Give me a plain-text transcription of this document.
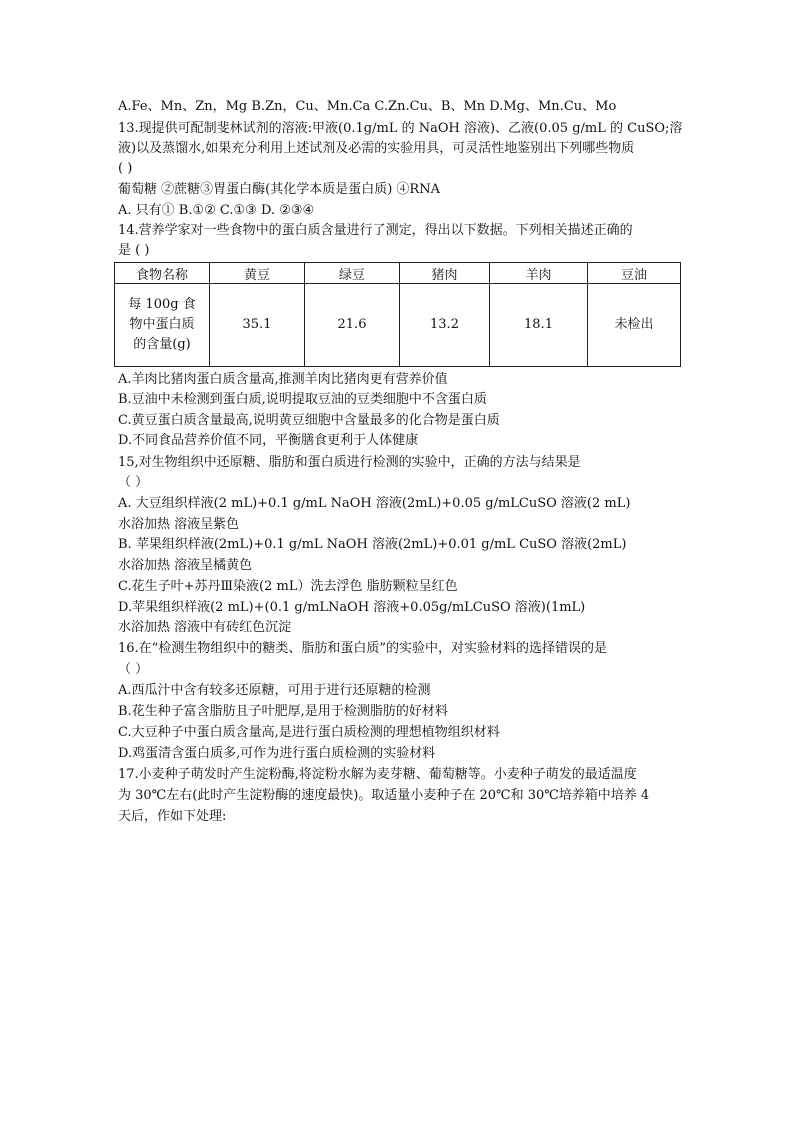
A.Fe、Mn、Zn，Mg B.Zn，Cu、Mn.Ca C.Zn.Cu、B、Mn D.Mg、Mn.Cu、Mo
13.现提供可配制斐林试剂的溶液:甲液(0.1g/mL 的 NaOH 溶液)、乙液(0.05 g/mL 的 CuSO;溶
液)以及蒸馏水,如果充分利用上述试剂及必需的实验用具，可灵活性地鉴别出下列哪些物质
( )
葡萄糖 ②蔗糖③胃蛋白酶(其化学本质是蛋白质) ④RNA
A. 只有① B.①② C.①③ D. ②③④
14.营养学家对一些食物中的蛋白质含量进行了测定，得出以下数据。下列相关描述正确的
是 ( )
食物名称	黄豆	绿豆	猪肉	羊肉	豆油

每 100g 食
物中蛋白质
的含量(g)	35.1	21.6	13.2	18.1	未检出
A.羊肉比猪肉蛋白质含量高,推测羊肉比猪肉更有营养价值
B.豆油中未检测到蛋白质,说明提取豆油的豆类细胞中不含蛋白质
C.黄豆蛋白质含量最高,说明黄豆细胞中含量最多的化合物是蛋白质
D.不同食品营养价值不同，平衡膳食更利于人体健康
15,对生物组织中还原糖、脂肪和蛋白质进行检测的实验中，正确的方法与结果是
（ ）
A. 大豆组织样液(2 mL)+0.1 g/mL NaOH 溶液(2mL)+0.05 g/mLCuSO 溶液(2 mL)
水浴加热 溶液呈紫色
B. 苹果组织样液(2mL)+0.1 g/mL NaOH 溶液(2mL)+0.01 g/mL CuSO 溶液(2mL)
水浴加热 溶液呈橘黄色
C.花生子叶+苏丹Ⅲ染液(2 mL）洗去浮色 脂肪颗粒呈红色
D.苹果组织样液(2 mL)+(0.1 g/mLNaOH 溶液+0.05g/mLCuSO 溶液)(1mL)
水浴加热 溶液中有砖红色沉淀
16.在“检测生物组织中的糖类、脂肪和蛋白质”的实验中，对实验材料的选择错误的是
（ ）
A.西瓜汁中含有较多还原糖，可用于进行还原糖的检测
B.花生种子富含脂肪且子叶肥厚,是用于检测脂肪的好材料
C.大豆种子中蛋白质含量高,是进行蛋白质检测的理想植物组织材料
D.鸡蛋清含蛋白质多,可作为进行蛋白质检测的实验材料
17.小麦种子萌发时产生淀粉酶,将淀粉水解为麦芽糖、葡萄糖等。小麦种子萌发的最适温度
为 30℃左右(此时产生淀粉酶的速度最快)。取适量小麦种子在 20℃和 30℃培养箱中培养 4
天后，作如下处理:
